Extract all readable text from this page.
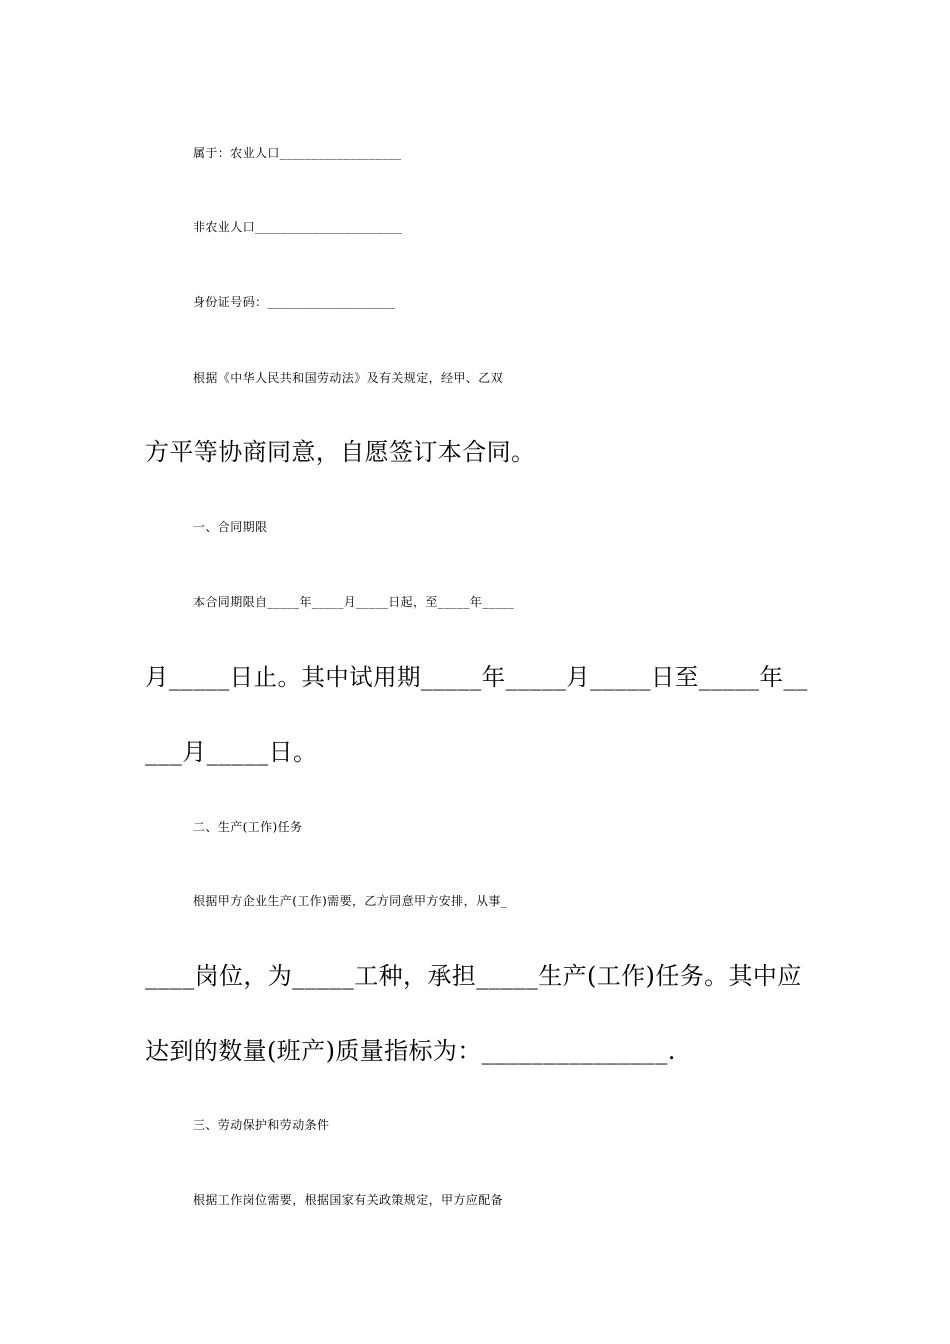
属于：农业人口___________________
非农业人口_______________________
身份证号码：____________________
根据《中华人民共和国劳动法》及有关规定，经甲、乙双
方平等协商同意，自愿签订本合同。
一、合同期限
本合同期限自_____年_____月_____日起，至_____年_____
月_____日止。其中试用期_____年_____月_____日至_____年__
___月_____日。
二、生产(工作)任务
根据甲方企业生产(工作)需要，乙方同意甲方安排，从事_
____岗位，为_____工种，承担_____生产(工作)任务。其中应
达到的数量(班产)质量指标为：_______________.
三、劳动保护和劳动条件
根据工作岗位需要，根据国家有关政策规定，甲方应配备
